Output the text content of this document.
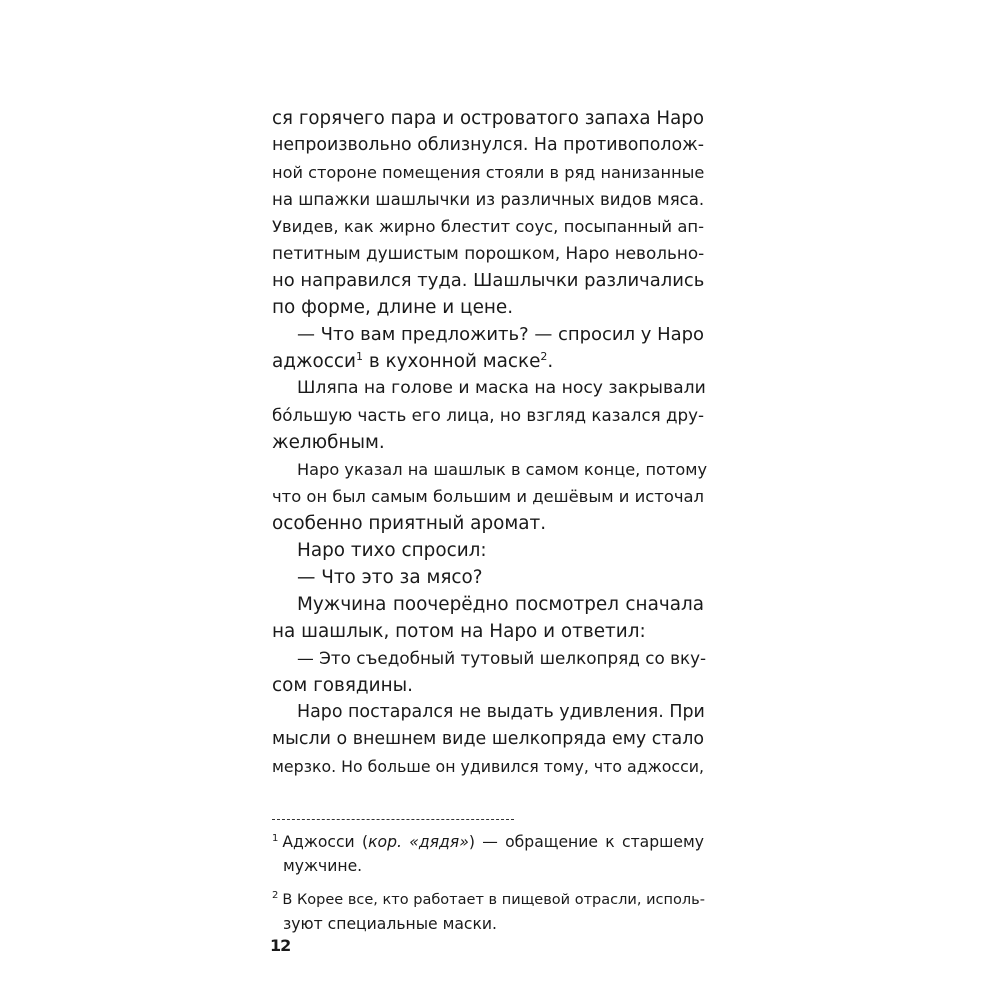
ся горячего пара и островатого запаха Наро
непроизвольно облизнулся. На противополож-
ной стороне помещения стояли в ряд нанизанные
на шпажки шашлычки из различных видов мяса.
Увидев, как жирно блестит соус, посыпанный ап-
петитным душистым порошком, Наро невольно-
но направился туда. Шашлычки различались
по форме, длине и цене.
— Что вам предложить? — спросил у Наро
аджосси$^1$ в кухонной маске$^2$.
Шляпа на голове и маска на носу закрывали
бóльшую часть его лица, но взгляд казался дру-
желюбным.
Наро указал на шашлык в самом конце, потому
что он был самым большим и дешёвым и источал
особенно приятный аромат.
Наро тихо спросил:
— Что это за мясо?
Мужчина поочерёдно посмотрел сначала
на шашлык, потом на Наро и ответил:
— Это съедобный тутовый шелкопряд со вку-
сом говядины.
Наро постарался не выдать удивления. При
мысли о внешнем виде шелкопряда ему стало
мерзко. Но больше он удивился тому, что аджосси,
$^1$ Аджосси (кор. «дядя») — обращение к старшему
мужчине.
$^2$ В Корее все, кто работает в пищевой отрасли, исполь-
зуют специальные маски.
12
